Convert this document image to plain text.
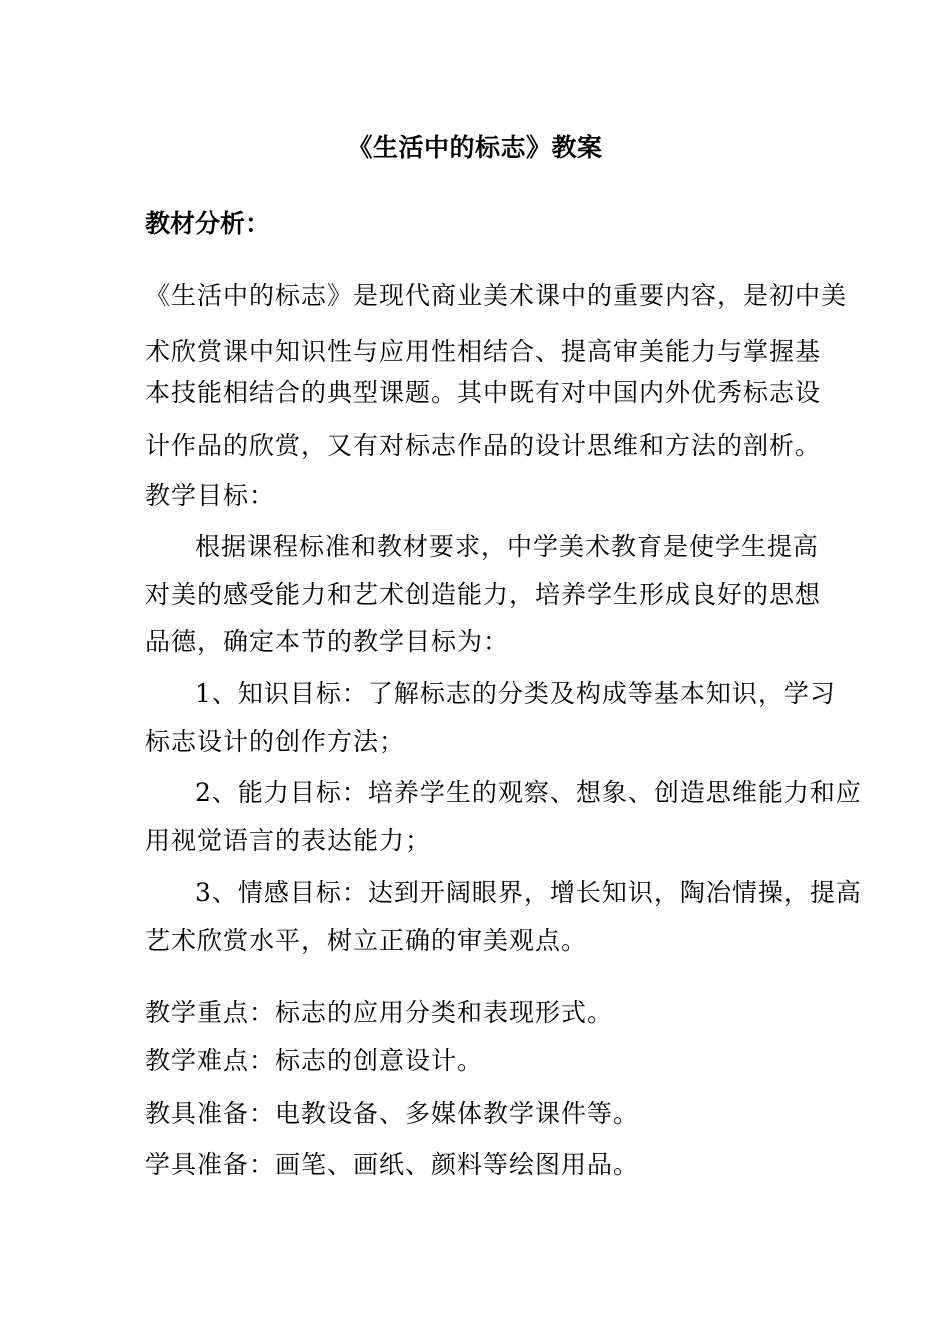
《生活中的标志》教案
教材分析：
《生活中的标志》是现代商业美术课中的重要内容，是初中美
术欣赏课中知识性与应用性相结合、提高审美能力与掌握基
本技能相结合的典型课题。其中既有对中国内外优秀标志设
计作品的欣赏，又有对标志作品的设计思维和方法的剖析。
教学目标：
根据课程标准和教材要求，中学美术教育是使学生提高
对美的感受能力和艺术创造能力，培养学生形成良好的思想
品德，确定本节的教学目标为：
1、知识目标：了解标志的分类及构成等基本知识，学习
标志设计的创作方法；
2、能力目标：培养学生的观察、想象、创造思维能力和应
用视觉语言的表达能力；
3、情感目标：达到开阔眼界，增长知识，陶冶情操，提高
艺术欣赏水平，树立正确的审美观点。
教学重点：标志的应用分类和表现形式。
教学难点：标志的创意设计。
教具准备：电教设备、多媒体教学课件等。
学具准备：画笔、画纸、颜料等绘图用品。
